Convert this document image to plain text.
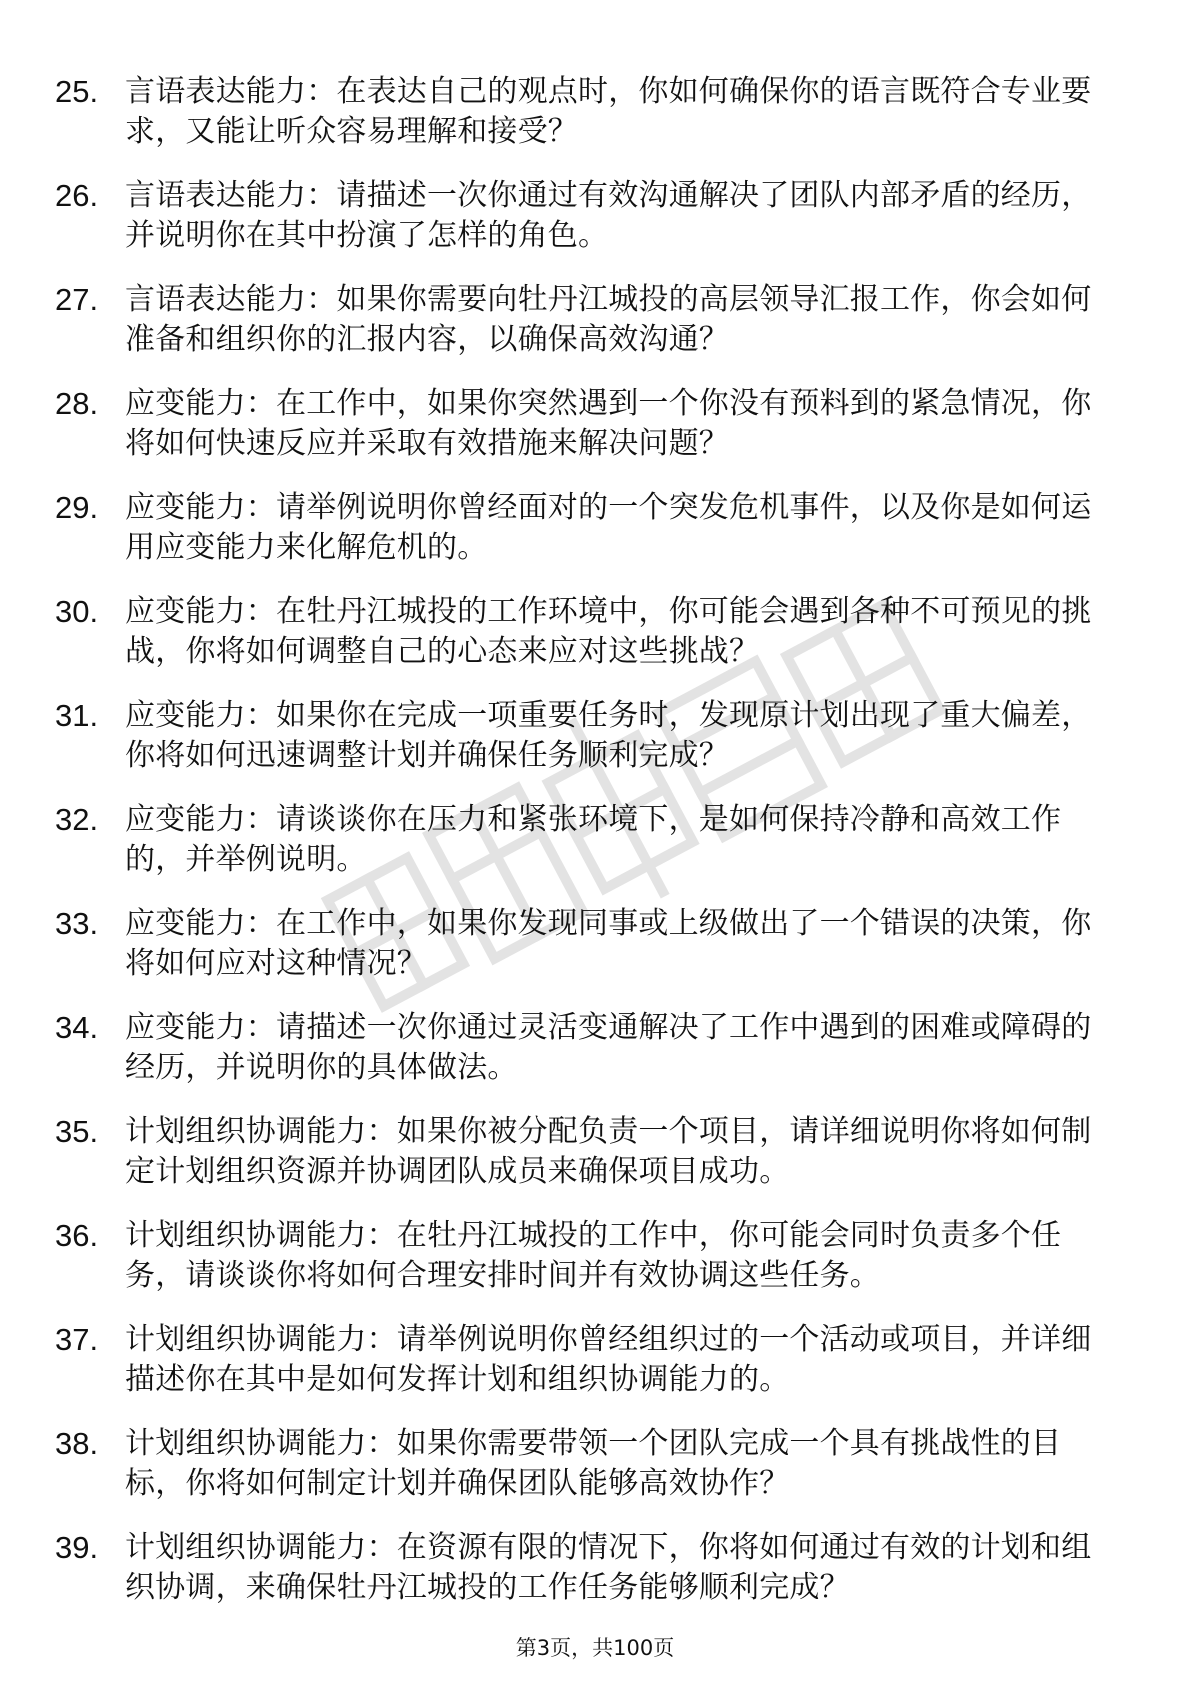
25. 言语表达能力：在表达自己的观点时，你如何确保你的语言既符合专业要求，又能让听众容易理解和接受？
26. 言语表达能力：请描述一次你通过有效沟通解决了团队内部矛盾的经历，并说明你在其中扮演了怎样的角色。
27. 言语表达能力：如果你需要向牡丹江城投的高层领导汇报工作，你会如何准备和组织你的汇报内容，以确保高效沟通？
28. 应变能力：在工作中，如果你突然遇到一个你没有预料到的紧急情况，你将如何快速反应并采取有效措施来解决问题？
29. 应变能力：请举例说明你曾经面对的一个突发危机事件，以及你是如何运用应变能力来化解危机的。
30. 应变能力：在牡丹江城投的工作环境中，你可能会遇到各种不可预见的挑战，你将如何调整自己的心态来应对这些挑战？
31. 应变能力：如果你在完成一项重要任务时，发现原计划出现了重大偏差，你将如何迅速调整计划并确保任务顺利完成？
32. 应变能力：请谈谈你在压力和紧张环境下，是如何保持冷静和高效工作的，并举例说明。
33. 应变能力：在工作中，如果你发现同事或上级做出了一个错误的决策，你将如何应对这种情况？
34. 应变能力：请描述一次你通过灵活变通解决了工作中遇到的困难或障碍的经历，并说明你的具体做法。
35. 计划组织协调能力：如果你被分配负责一个项目，请详细说明你将如何制定计划组织资源并协调团队成员来确保项目成功。
36. 计划组织协调能力：在牡丹江城投的工作中，你可能会同时负责多个任务，请谈谈你将如何合理安排时间并有效协调这些任务。
37. 计划组织协调能力：请举例说明你曾经组织过的一个活动或项目，并详细描述你在其中是如何发挥计划和组织协调能力的。
38. 计划组织协调能力：如果你需要带领一个团队完成一个具有挑战性的目标，你将如何制定计划并确保团队能够高效协作？
39. 计划组织协调能力：在资源有限的情况下，你将如何通过有效的计划和组织协调，来确保牡丹江城投的工作任务能够顺利完成？
第3页，共100页
